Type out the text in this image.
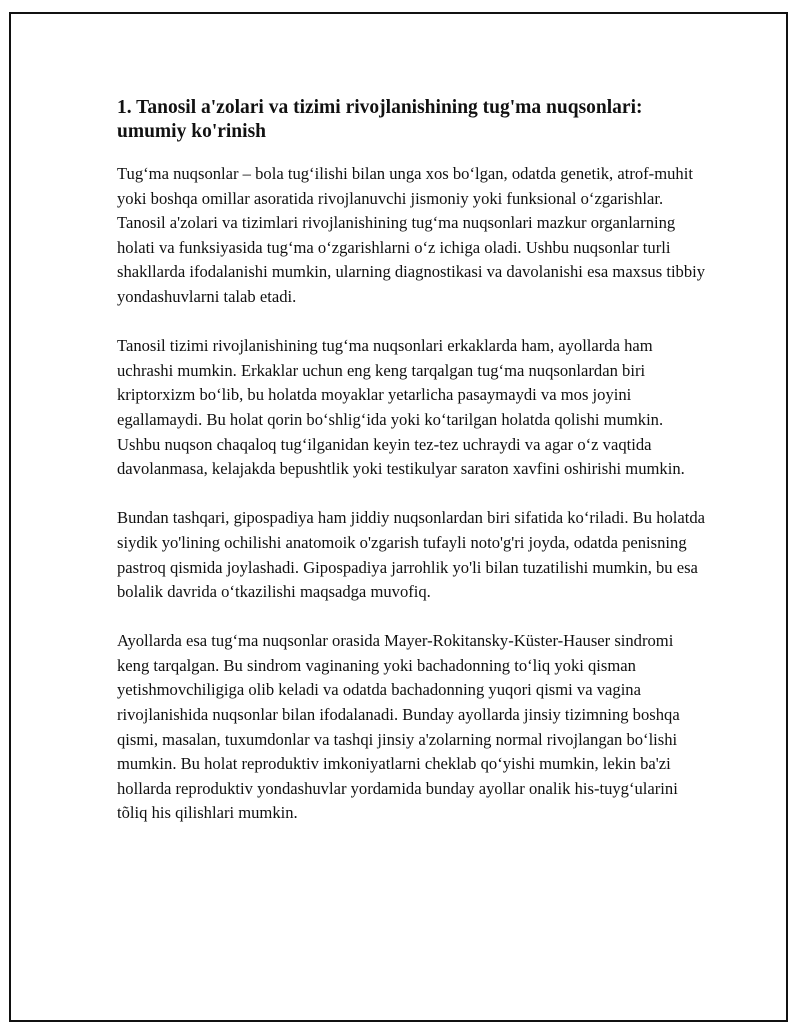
1. Tanosil a'zolari va tizimi rivojlanishining tug'ma nuqsonlari: umumiy ko'rinish

Tug‘ma nuqsonlar – bola tug‘ilishi bilan unga xos bo‘lgan, odatda genetik, atrof-muhit yoki boshqa omillar asoratida rivojlanuvchi jismoniy yoki funksional o‘zgarishlar. Tanosil a'zolari va tizimlari rivojlanishining tug‘ma nuqsonlari mazkur organlarning holati va funksiyasida tug‘ma o‘zgarishlarni o‘z ichiga oladi. Ushbu nuqsonlar turli shakllarda ifodalanishi mumkin, ularning diagnostikasi va davolanishi esa maxsus tibbiy yondashuvlarni talab etadi.

Tanosil tizimi rivojlanishining tug‘ma nuqsonlari erkaklarda ham, ayollarda ham uchrashi mumkin. Erkaklar uchun eng keng tarqalgan tug‘ma nuqsonlardan biri kriptorxizm bo‘lib, bu holatda moyaklar yetarlicha pasaymaydi va mos joyini egallamaydi. Bu holat qorin bo‘shlig‘ida yoki ko‘tarilgan holatda qolishi mumkin. Ushbu nuqson chaqaloq tug‘ilganidan keyin tez-tez uchraydi va agar o‘z vaqtida davolanmasa, kelajakda bepushtlik yoki testikulyar saraton xavfini oshirishi mumkin.

Bundan tashqari, gipospadiya ham jiddiy nuqsonlardan biri sifatida ko‘riladi. Bu holatda siydik yo'lining ochilishi anatomoik o'zgarish tufayli noto'g'ri joyda, odatda penisning pastroq qismida joylashadi. Gipospadiya jarrohlik yo'li bilan tuzatilishi mumkin, bu esa bolalik davrida o‘tkazilishi maqsadga muvofiq.

Ayollarda esa tug‘ma nuqsonlar orasida Mayer-Rokitansky-Küster-Hauser sindromi keng tarqalgan. Bu sindrom vaginaning yoki bachadonning to‘liq yoki qisman yetishmovchiligiga olib keladi va odatda bachadonning yuqori qismi va vagina rivojlanishida nuqsonlar bilan ifodalanadi. Bunday ayollarda jinsiy tizimning boshqa qismi, masalan, tuxumdonlar va tashqi jinsiy a'zolarning normal rivojlangan bo‘lishi mumkin. Bu holat reproduktiv imkoniyatlarni cheklab qo‘yishi mumkin, lekin ba'zi hollarda reproduktiv yondashuvlar yordamida bunday ayollar onalik his-tuyg‘ularini tõliq his qilishlari mumkin.
